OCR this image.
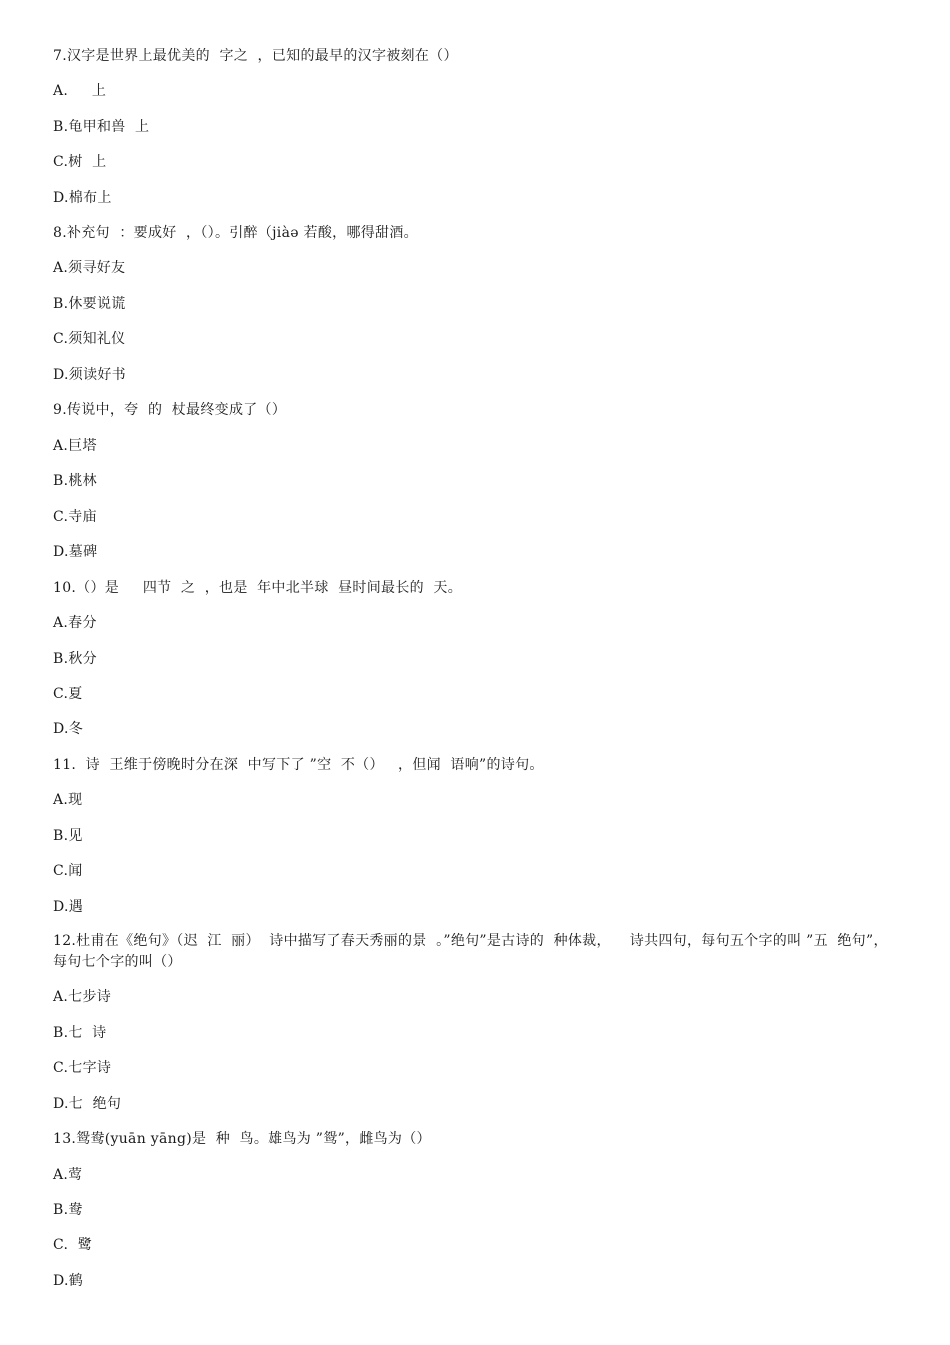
7.汉字是世界上最优美的  字之  ，已知的最早的汉字被刻在（）
A.     上
B.龟甲和兽  上
C.树  上
D.棉布上
8.补充句  ：要成好  ，（）。引醉（jiàə 若酸，哪得甜酒。
A.须寻好友
B.休要说谎
C.须知礼仪
D.须读好书
9.传说中，夸  的  杖最终变成了（）
A.巨塔
B.桃林
C.寺庙
D.墓碑
10.（）是     四节  之  ，也是  年中北半球  昼时间最长的  天。
A.春分
B.秋分
C.夏
D.冬
11.  诗  王维于傍晚时分在深  中写下了 ”空  不（）   ，但闻  语响”的诗句。
A.现
B.见
C.闻
D.遇
12.杜甫在《绝句》（迟  江  丽）  诗中描写了春天秀丽的景  。”绝句”是古诗的  种体裁，    诗共四句，每句五个字的叫 ”五  绝句”，每句七个字的叫（）
A.七步诗
B.七  诗
C.七字诗
D.七  绝句
13.鸳鸯(yuān yāng)是  种  鸟。雄鸟为 ”鸳”，雌鸟为（）
A.莺
B.鸯
C.  鹭
D.鹤
